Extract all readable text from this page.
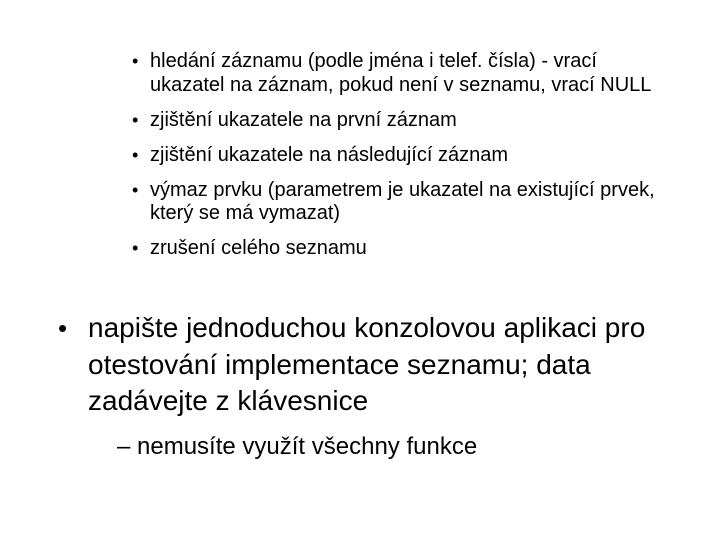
• hledání záznamu (podle jména i telef. čísla) - vrací ukazatel na záznam, pokud není v seznamu, vrací NULL
• zjištění ukazatele na první záznam
• zjištění ukazatele na následující záznam
• výmaz prvku (parametrem je ukazatel na existující prvek, který se má vymazat)
• zrušení celého seznamu
• napište jednoduchou konzolovou aplikaci pro otestování implementace seznamu; data zadávejte z klávesnice
– nemusíte využít všechny funkce
